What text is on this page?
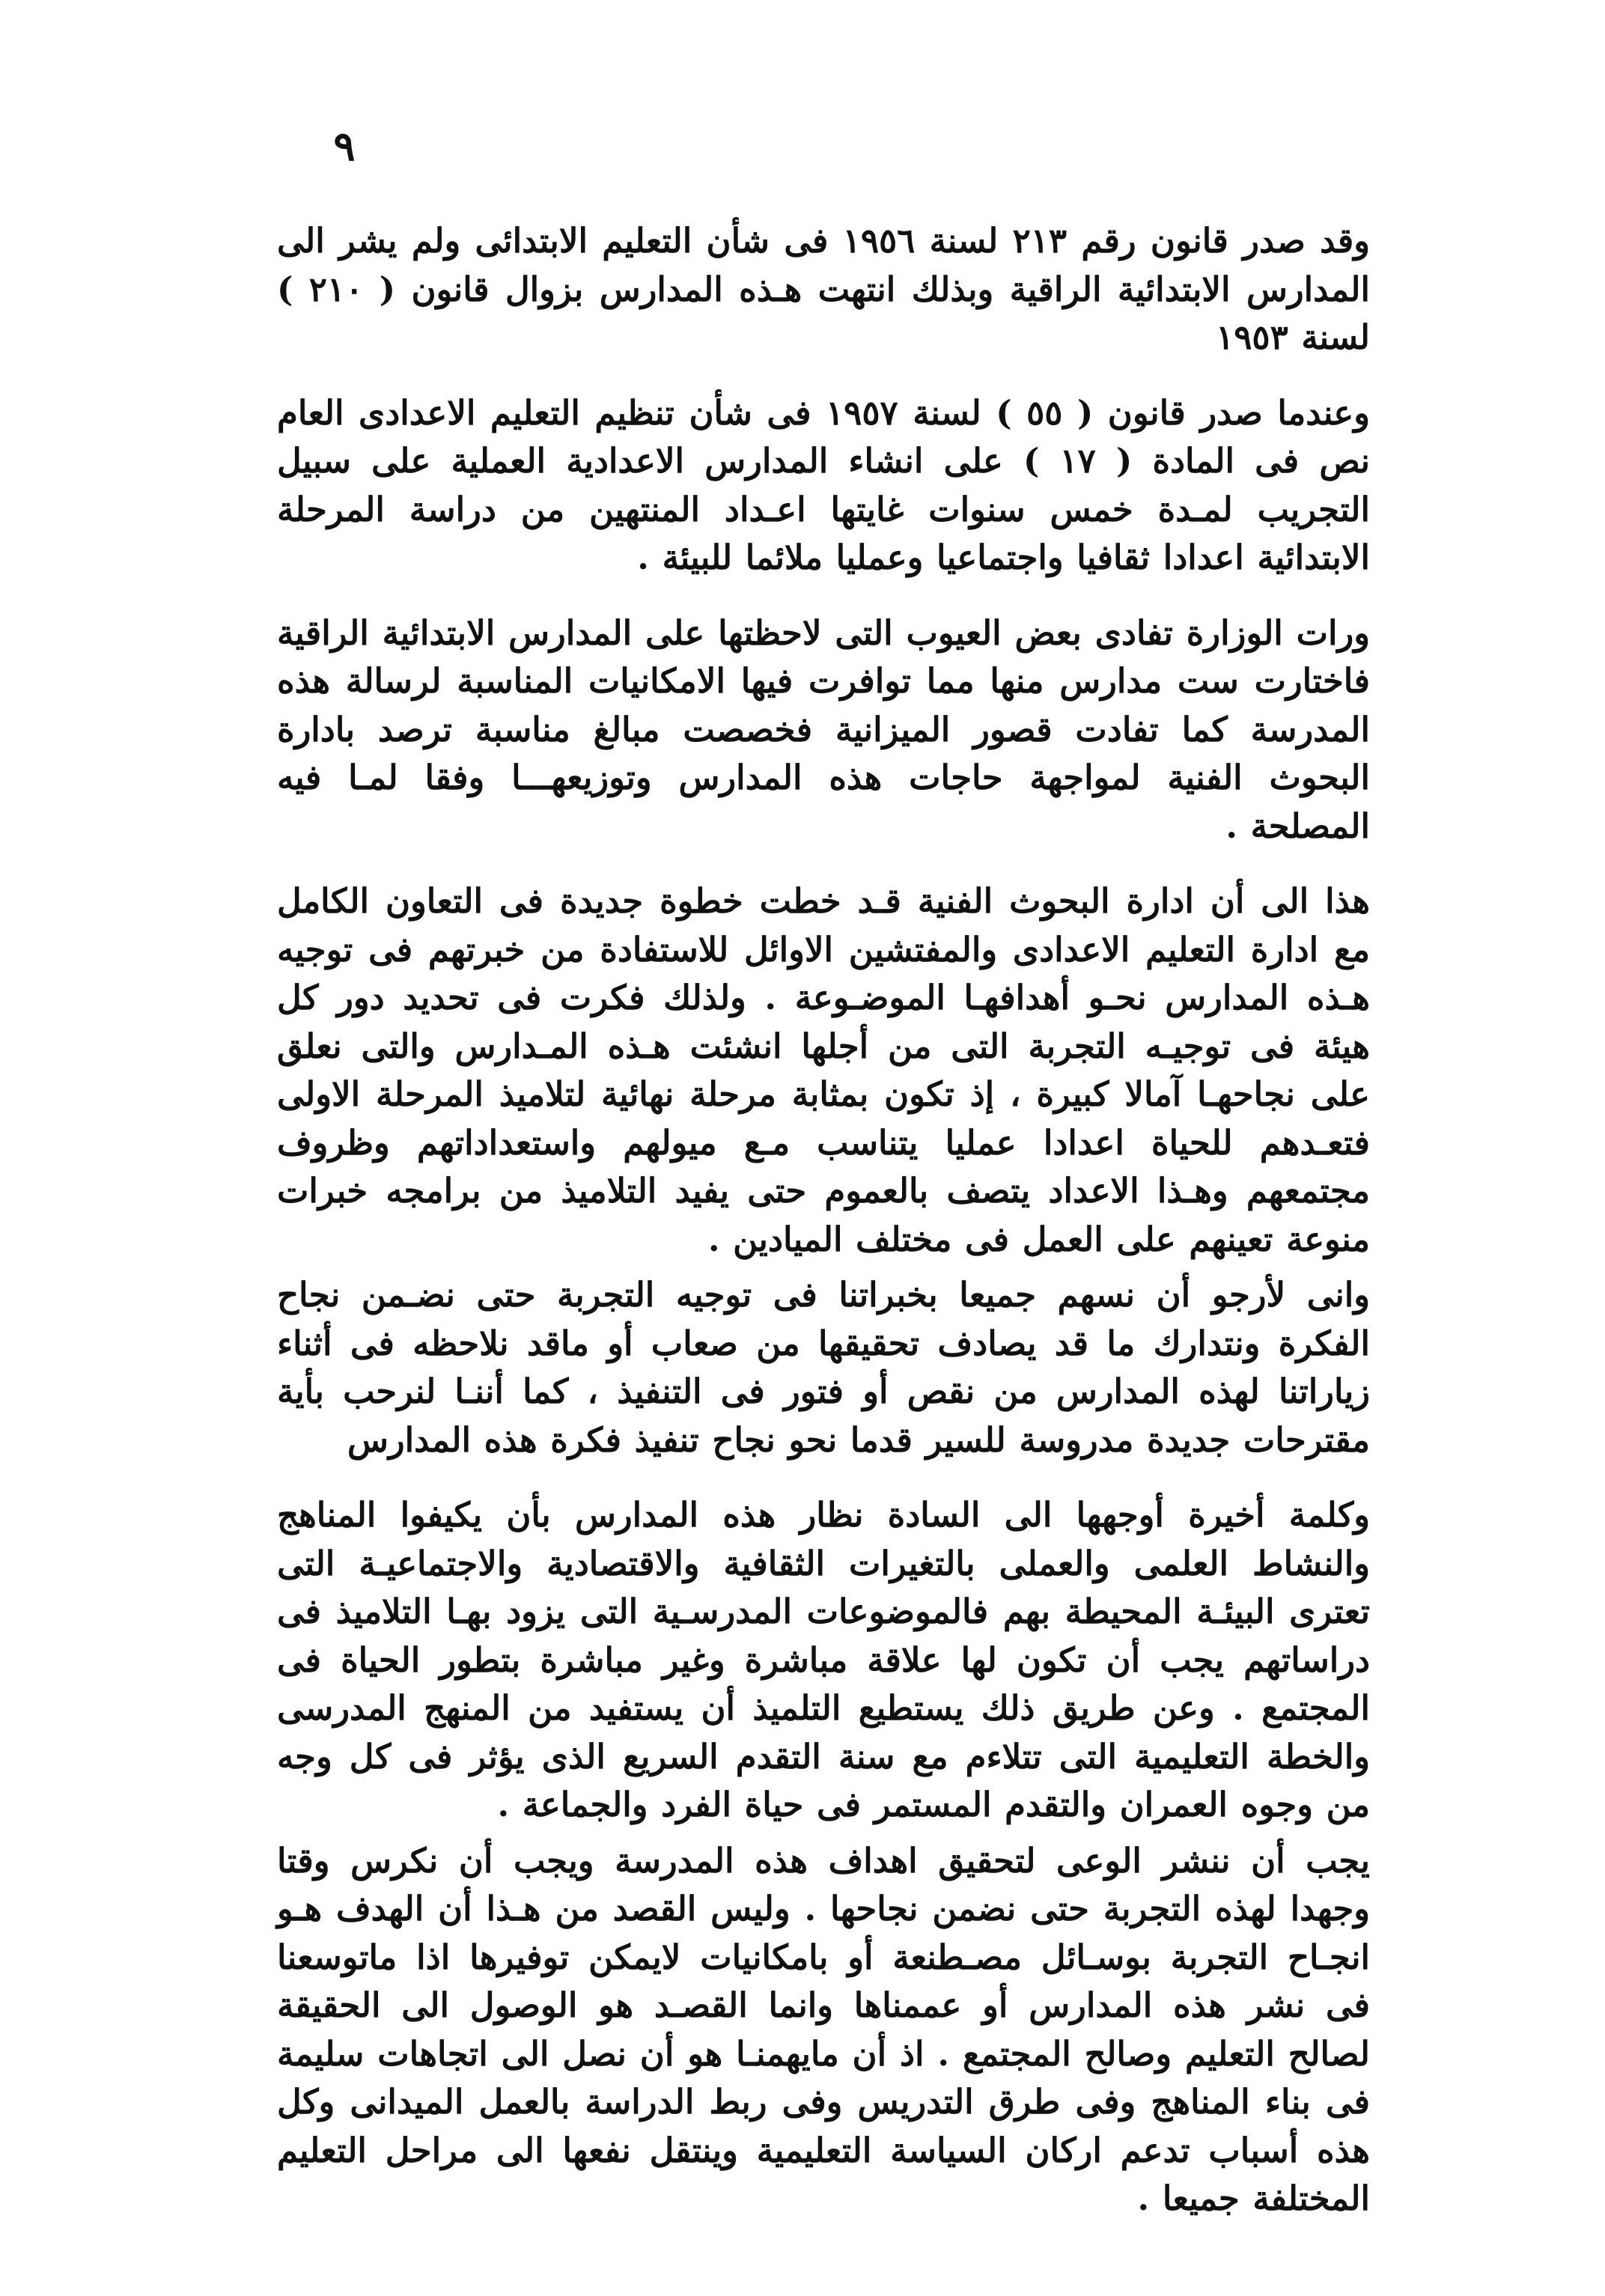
٩

وقد صدر قانون رقم ٢١٣ لسنة ١٩٥٦ فى شأن التعليم الابتدائى ولم يشر الى المدارس الابتدائية الراقية وبذلك انتهت هـذه المدارس بزوال قانون ( ٢١٠ ) لسنة ١٩٥٣

وعندما صدر قانون ( ٥٥ ) لسنة ١٩٥٧ فى شأن تنظيم التعليم الاعدادى العام نص فى المادة ( ١٧ ) على انشاء المدارس الاعدادية العملية على سبيل التجريب لمـدة خمس سنوات غايتها اعـداد المنتهين من دراسة المرحلة الابتدائية اعدادا ثقافيا واجتماعيا وعمليا ملائما للبيئة .

ورات الوزارة تفادى بعض العيوب التى لاحظتها على المدارس الابتدائية الراقية فاختارت ست مدارس منها مما توافرت فيها الامكانيات المناسبة لرسالة هذه المدرسة كما تفادت قصور الميزانية فخصصت مبالغ مناسبة ترصد بادارة البحوث الفنية لمواجهة حاجات هذه المدارس وتوزيعهـــا وفقا لمـا فيه المصلحة .

هذا الى أن ادارة البحوث الفنية قـد خطت خطوة جديدة فى التعاون الكامل مع ادارة التعليم الاعدادى والمفتشين الاوائل للاستفادة من خبرتهم فى توجيه هـذه المدارس نحـو أهدافهـا الموضـوعة . ولذلك فكرت فى تحديد دور كل هيئة فى توجيـه التجربة التى من أجلها انشئت هـذه المـدارس والتى نعلق على نجاحهـا آمالا كبيرة ، إذ تكون بمثابة مرحلة نهائية لتلاميذ المرحلة الاولى فتعـدهم للحياة اعدادا عمليا يتناسب مـع ميولهم واستعداداتهم وظروف مجتمعهم وهـذا الاعداد يتصف بالعموم حتى يفيد التلاميذ من برامجه خبرات منوعة تعينهم على العمل فى مختلف الميادين .

وانى لأرجو أن نسهم جميعا بخبراتنا فى توجيه التجربة حتى نضـمن نجاح الفكرة ونتدارك ما قد يصادف تحقيقها من صعاب أو ماقد نلاحظه فى أثناء زياراتنا لهذه المدارس من نقص أو فتور فى التنفيذ ، كما أننـا لنرحب بأية مقترحات جديدة مدروسة للسير قدما نحو نجاح تنفيذ فكرة هذه المدارس

وكلمة أخيرة أوجهها الى السادة نظار هذه المدارس بأن يكيفوا المناهج والنشاط العلمى والعملى بالتغيرات الثقافية والاقتصادية والاجتماعيـة التى تعترى البيئـة المحيطة بهم فالموضوعات المدرسـية التى يزود بهـا التلاميذ فى دراساتهم يجب أن تكون لها علاقة مباشرة وغير مباشرة بتطور الحياة فى المجتمع . وعن طريق ذلك يستطيع التلميذ أن يستفيد من المنهج المدرسى والخطة التعليمية التى تتلاءم مع سنة التقدم السريع الذى يؤثر فى كل وجه من وجوه العمران والتقدم المستمر فى حياة الفرد والجماعة .

يجب أن ننشر الوعى لتحقيق اهداف هذه المدرسة ويجب أن نكرس وقتا وجهدا لهذه التجربة حتى نضمن نجاحها . وليس القصد من هـذا أن الهدف هـو انجـاح التجربة بوسـائل مصـطنعة أو بامكانيات لايمكن توفيرها اذا ماتوسعنا فى نشر هذه المدارس أو عممناها وانما القصـد هو الوصول الى الحقيقة لصالح التعليم وصالح المجتمع . اذ أن مايهمنـا هو أن نصل الى اتجاهات سليمة فى بناء المناهج وفى طرق التدريس وفى ربط الدراسة بالعمل الميدانى وكل هذه أسباب تدعم اركان السياسة التعليمية وينتقل نفعها الى مراحل التعليم المختلفة جميعا .
